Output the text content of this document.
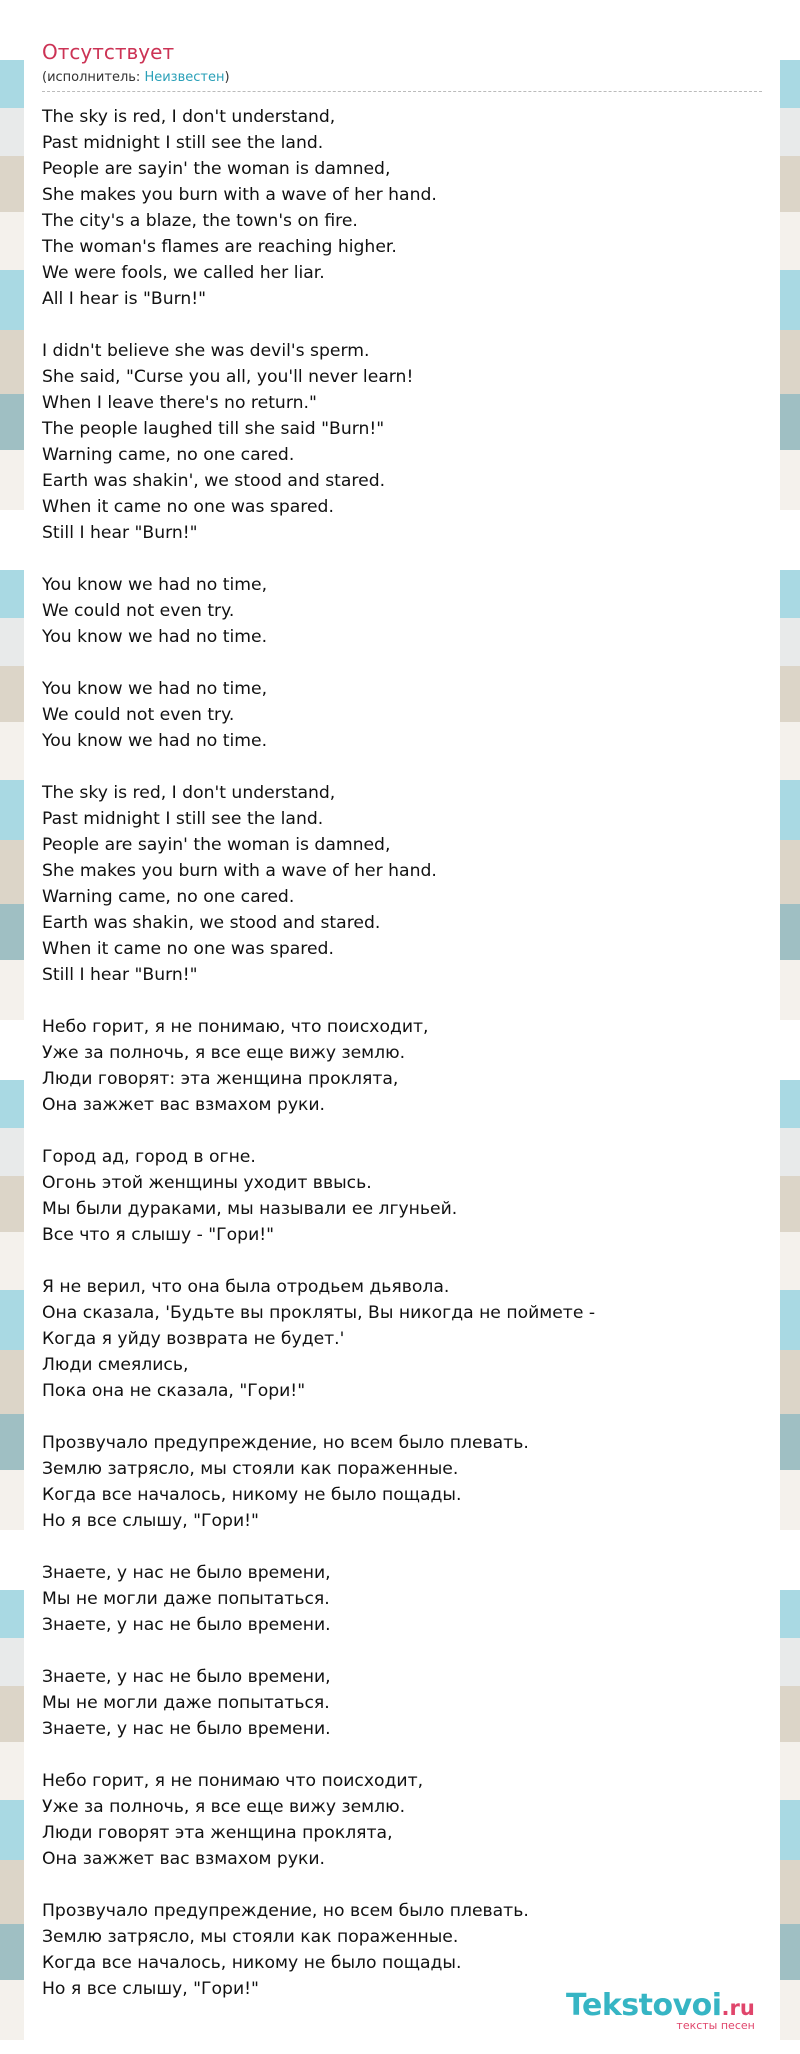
Отсутствует
(исполнитель: Неизвестен)
The sky is red, I don't understand,
Past midnight I still see the land.
People are sayin' the woman is damned,
She makes you burn with a wave of her hand.
The city's a blaze, the town's on fire.
The woman's flames are reaching higher.
We were fools, we called her liar.
All I hear is "Burn!"
I didn't believe she was devil's sperm.
She said, "Curse you all, you'll never learn!
When I leave there's no return."
The people laughed till she said "Burn!"
Warning came, no one cared.
Earth was shakin', we stood and stared.
When it came no one was spared.
Still I hear "Burn!"
You know we had no time,
We could not even try.
You know we had no time.
You know we had no time,
We could not even try.
You know we had no time.
The sky is red, I don't understand,
Past midnight I still see the land.
People are sayin' the woman is damned,
She makes you burn with a wave of her hand.
Warning came, no one cared.
Earth was shakin, we stood and stared.
When it came no one was spared.
Still I hear "Burn!"
Небо горит, я не понимаю, что поисходит,
Уже за полночь, я все еще вижу землю.
Люди говорят: эта женщина проклята,
Она зажжет вас взмахом руки.
Город ад, город в огне.
Огонь этой женщины уходит ввысь.
Мы были дураками, мы называли ее лгуньей.
Все что я слышу - "Гори!"
Я не верил, что она была отродьем дьявола.
Она сказала, 'Будьте вы прокляты, Вы никогда не поймете -
Когда я уйду возврата не будет.'
Люди смеялись,
Пока она не сказала, "Гори!"
Прозвучало предупреждение, но всем было плевать.
Землю затрясло, мы стояли как пораженные.
Когда все началось, никому не было пощады.
Но я все слышу, "Гори!"
Знаете, у нас не было времени,
Мы не могли даже попытаться.
Знаете, у нас не было времени.
Знаете, у нас не было времени,
Мы не могли даже попытаться.
Знаете, у нас не было времени.
Небо горит, я не понимаю что поисходит,
Уже за полночь, я все еще вижу землю.
Люди говорят эта женщина проклята,
Она зажжет вас взмахом руки.
Прозвучало предупреждение, но всем было плевать.
Землю затрясло, мы стояли как пораженные.
Когда все началось, никому не было пощады.
Но я все слышу, "Гори!"	Tekstovoi.ru
тексты песен
